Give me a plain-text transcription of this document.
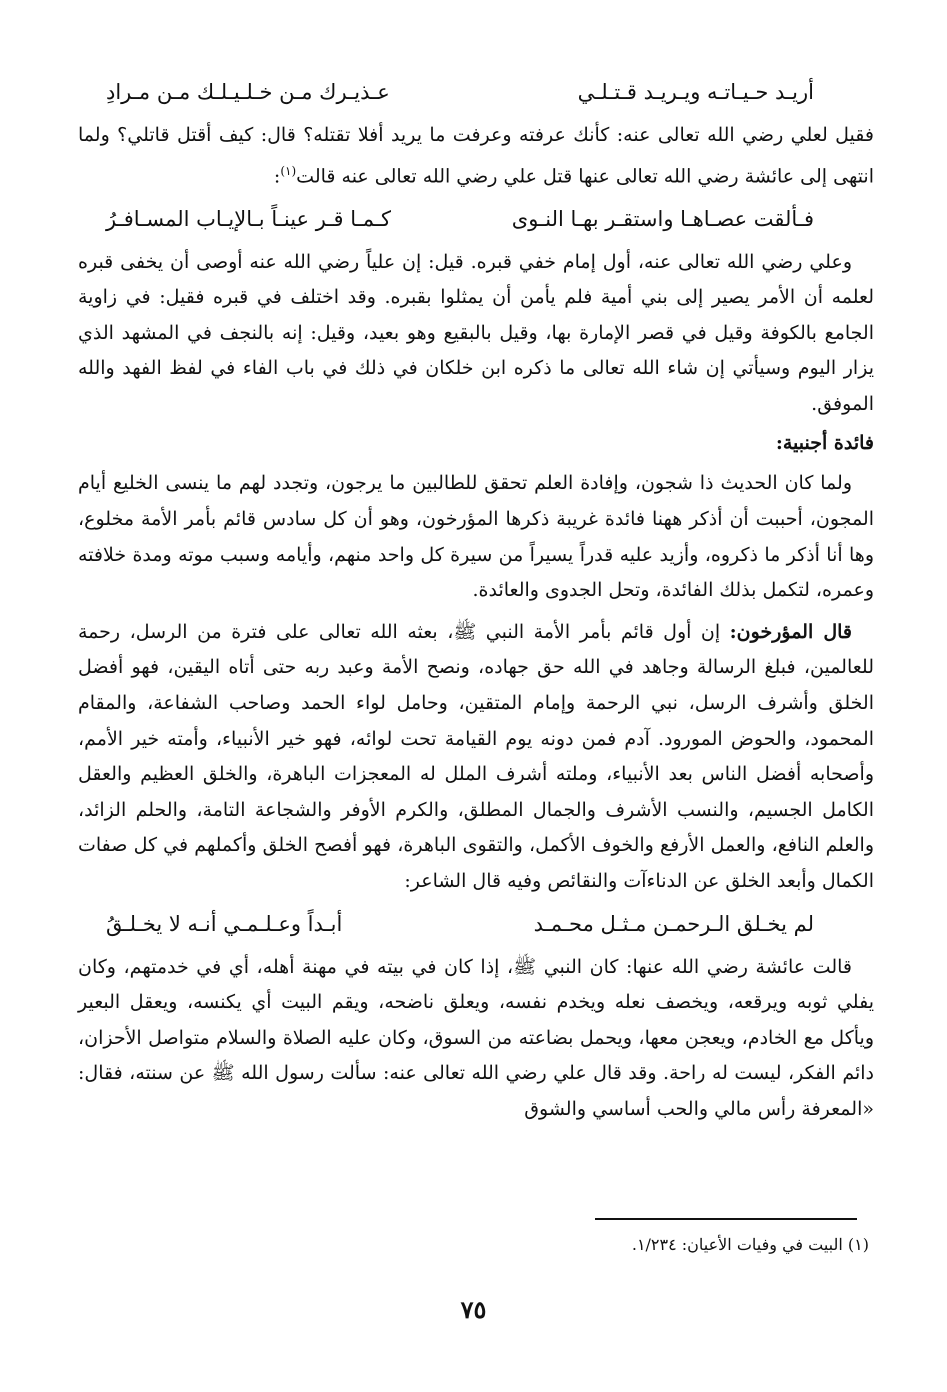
أريـد حـيـاتـه ويـريـد قـتـلـي
عـذيـرك مـن خـلـيـلـك مـن مـرادِ

فقيل لعلي رضي الله تعالى عنه: كأنك عرفته وعرفت ما يريد أفلا تقتله؟ قال: كيف أقتل قاتلي؟ ولما انتهى إلى عائشة رضي الله تعالى عنها قتل علي رضي الله تعالى عنه قالت$^{(١)}$:

فـألقت عصـاهـا واستقـر بهـا النـوى
كـمـا قـر عينـاً بـالإيـاب المسـافـرُ

وعلي رضي الله تعالى عنه، أول إمام خفي قبره. قيل: إن علياً رضي الله عنه أوصى أن يخفى قبره لعلمه أن الأمر يصير إلى بني أمية فلم يأمن أن يمثلوا بقبره. وقد اختلف في قبره فقيل: في زاوية الجامع بالكوفة وقيل في قصر الإمارة بها، وقيل بالبقيع وهو بعيد، وقيل: إنه بالنجف في المشهد الذي يزار اليوم وسيأتي إن شاء الله تعالى ما ذكره ابن خلكان في ذلك في باب الفاء في لفظ الفهد والله الموفق.

فائدة أجنبية:

ولما كان الحديث ذا شجون، وإفادة العلم تحقق للطالبين ما يرجون، وتجدد لهم ما ينسى الخليع أيام المجون، أحببت أن أذكر ههنا فائدة غريبة ذكرها المؤرخون، وهو أن كل سادس قائم بأمر الأمة مخلوع، وها أنا أذكر ما ذكروه، وأزيد عليه قدراً يسيراً من سيرة كل واحد منهم، وأيامه وسبب موته ومدة خلافته وعمره، لتكمل بذلك الفائدة، وتحل الجدوى والعائدة.

قال المؤرخون: إن أول قائم بأمر الأمة النبي ﷺ، بعثه الله تعالى على فترة من الرسل، رحمة للعالمين، فبلغ الرسالة وجاهد في الله حق جهاده، ونصح الأمة وعبد ربه حتى أتاه اليقين، فهو أفضل الخلق وأشرف الرسل، نبي الرحمة وإمام المتقين، وحامل لواء الحمد وصاحب الشفاعة، والمقام المحمود، والحوض المورود. آدم فمن دونه يوم القيامة تحت لوائه، فهو خير الأنبياء، وأمته خير الأمم، وأصحابه أفضل الناس بعد الأنبياء، وملته أشرف الملل له المعجزات الباهرة، والخلق العظيم والعقل الكامل الجسيم، والنسب الأشرف والجمال المطلق، والكرم الأوفر والشجاعة التامة، والحلم الزائد، والعلم النافع، والعمل الأرفع والخوف الأكمل، والتقوى الباهرة، فهو أفصح الخلق وأكملهم في كل صفات الكمال وأبعد الخلق عن الدناءآت والنقائص وفيه قال الشاعر:

لم يخـلق الـرحمـن مـثـل محـمـد
أبـداً وعـلـمـي أنـه لا يخـلـقُ

قالت عائشة رضي الله عنها: كان النبي ﷺ، إذا كان في بيته في مهنة أهله، أي في خدمتهم، وكان يفلي ثوبه ويرقعه، ويخصف نعله ويخدم نفسه، ويعلق ناضحه، ويقم البيت أي يكنسه، ويعقل البعير ويأكل مع الخادم، ويعجن معها، ويحمل بضاعته من السوق، وكان عليه الصلاة والسلام متواصل الأحزان، دائم الفكر، ليست له راحة. وقد قال علي رضي الله تعالى عنه: سألت رسول الله ﷺ عن سنته، فقال: «المعرفة رأس مالي والحب أساسي والشوق

(١) البيت في وفيات الأعيان: ١/٢٣٤.
٧٥
